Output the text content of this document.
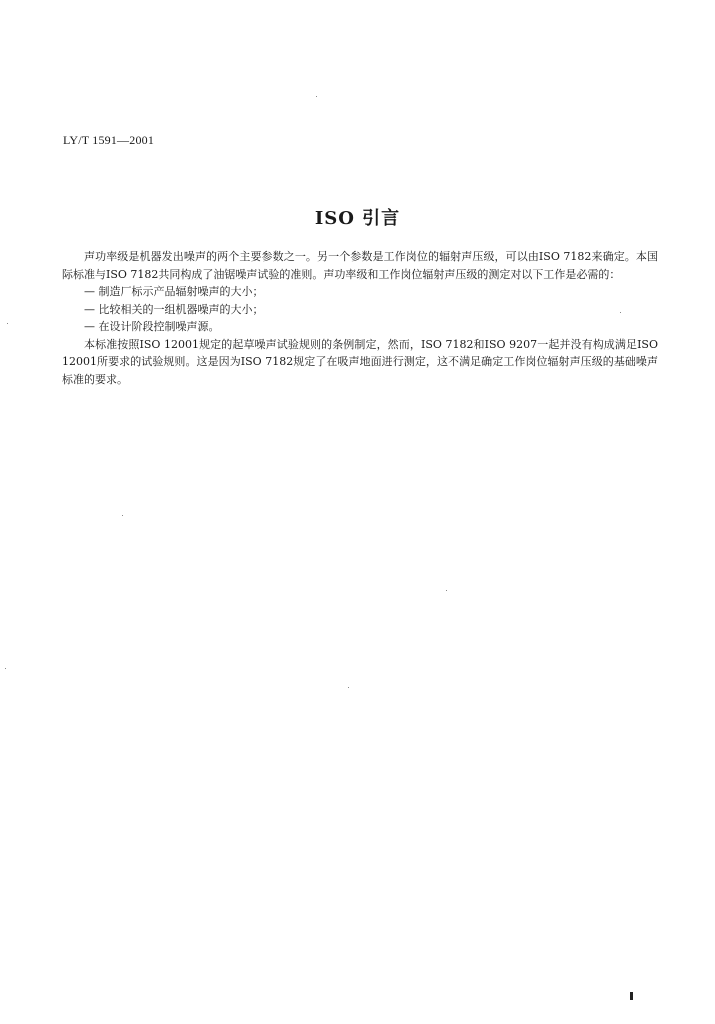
LY/T 1591—2001
ISO 引言

声功率级是机器发出噪声的两个主要参数之一。另一个参数是工作岗位的辐射声压级，可以由ISO 7182来确定。本国际标准与ISO 7182共同构成了油锯噪声试验的准则。声功率级和工作岗位辐射声压级的测定对以下工作是必需的：

— 制造厂标示产品辐射噪声的大小；

— 比较相关的一组机器噪声的大小；

— 在设计阶段控制噪声源。

本标准按照ISO 12001规定的起草噪声试验规则的条例制定，然而，ISO 7182和ISO 9207一起并没有构成满足ISO 12001所要求的试验规则。这是因为ISO 7182规定了在吸声地面进行测定，这不满足确定工作岗位辐射声压级的基础噪声标准的要求。
